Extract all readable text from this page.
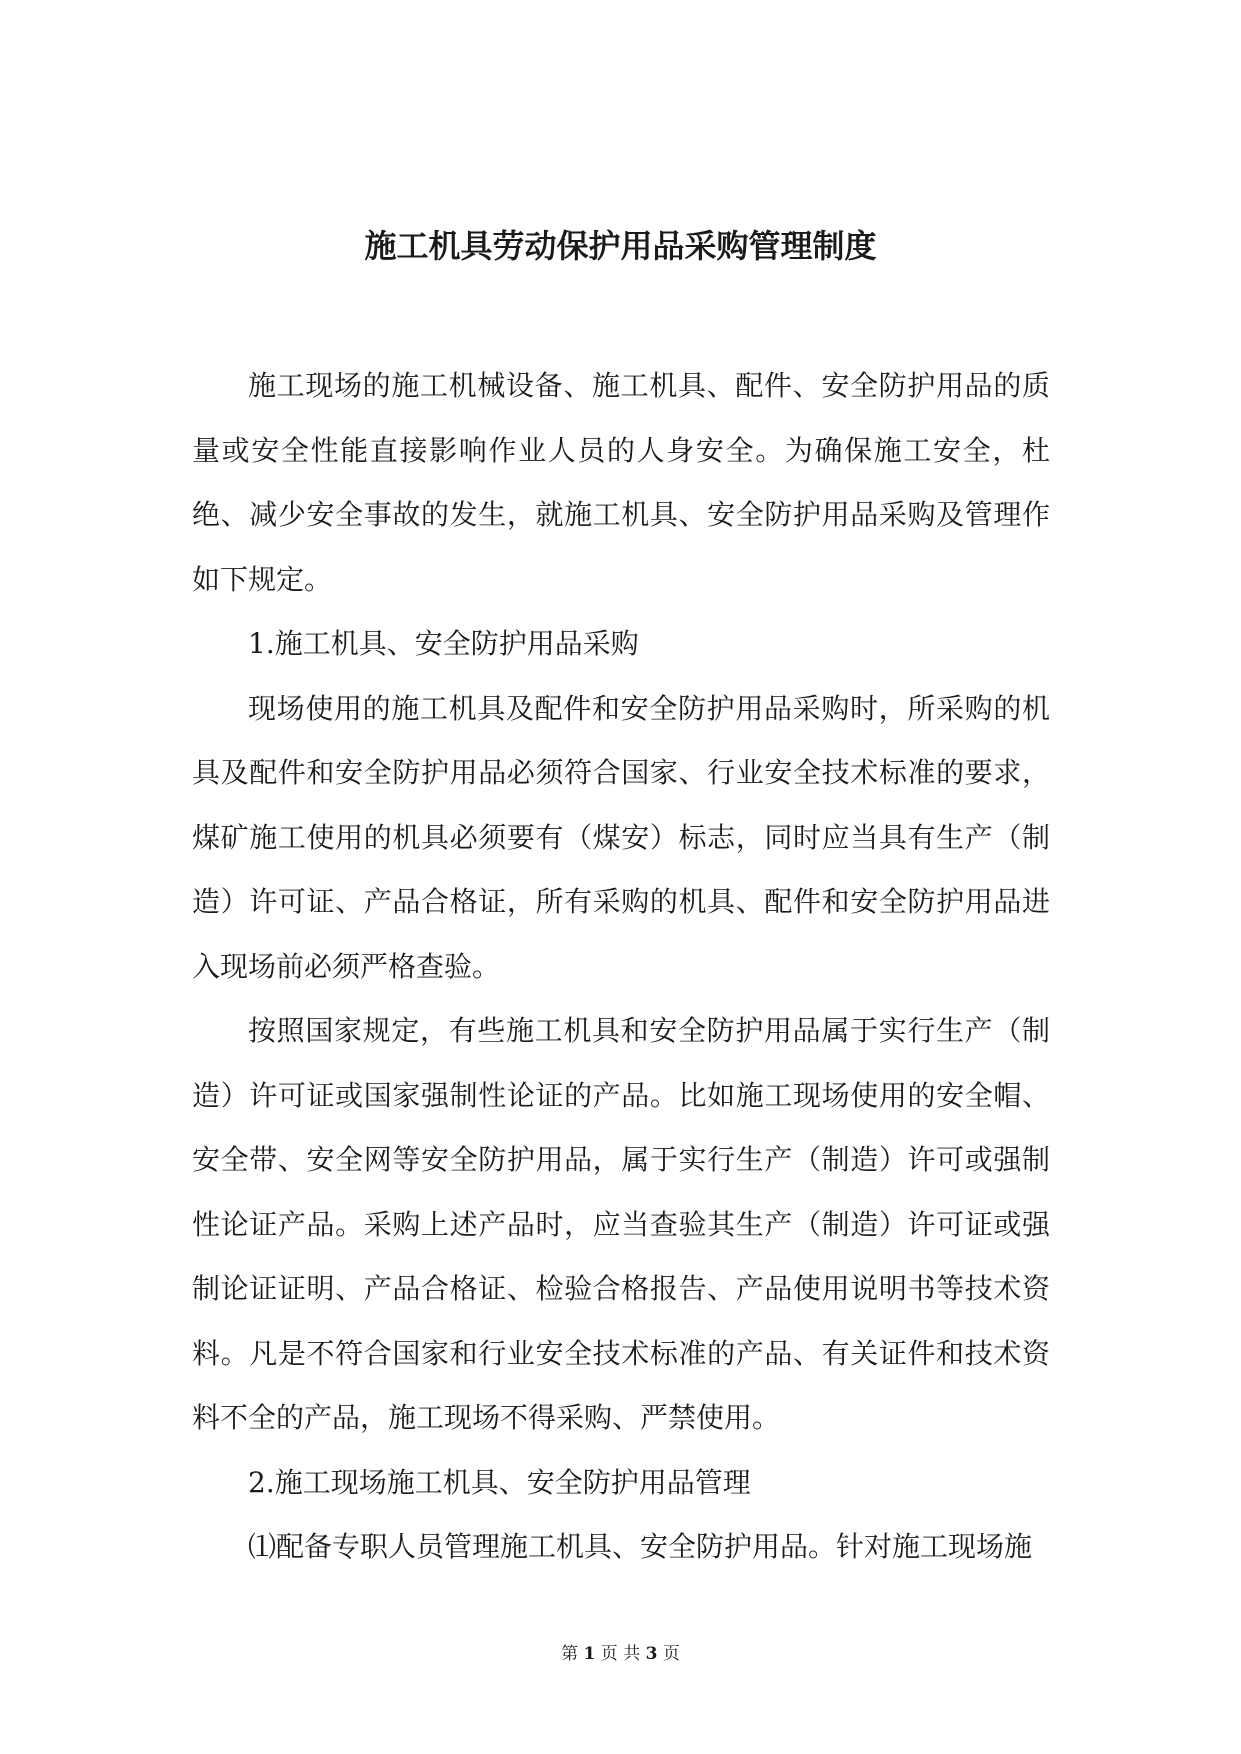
施工机具劳动保护用品采购管理制度

施工现场的施工机械设备、施工机具、配件、安全防护用品的质量或安全性能直接影响作业人员的人身安全。为确保施工安全，杜绝、减少安全事故的发生，就施工机具、安全防护用品采购及管理作如下规定。

1.施工机具、安全防护用品采购

现场使用的施工机具及配件和安全防护用品采购时，所采购的机具及配件和安全防护用品必须符合国家、行业安全技术标准的要求，煤矿施工使用的机具必须要有（煤安）标志，同时应当具有生产（制造）许可证、产品合格证，所有采购的机具、配件和安全防护用品进入现场前必须严格查验。

按照国家规定，有些施工机具和安全防护用品属于实行生产（制造）许可证或国家强制性论证的产品。比如施工现场使用的安全帽、安全带、安全网等安全防护用品，属于实行生产（制造）许可或强制性论证产品。采购上述产品时，应当查验其生产（制造）许可证或强制论证证明、产品合格证、检验合格报告、产品使用说明书等技术资料。凡是不符合国家和行业安全技术标准的产品、有关证件和技术资料不全的产品，施工现场不得采购、严禁使用。

2.施工现场施工机具、安全防护用品管理

⑴配备专职人员管理施工机具、安全防护用品。针对施工现场施

第 1 页 共 3 页
